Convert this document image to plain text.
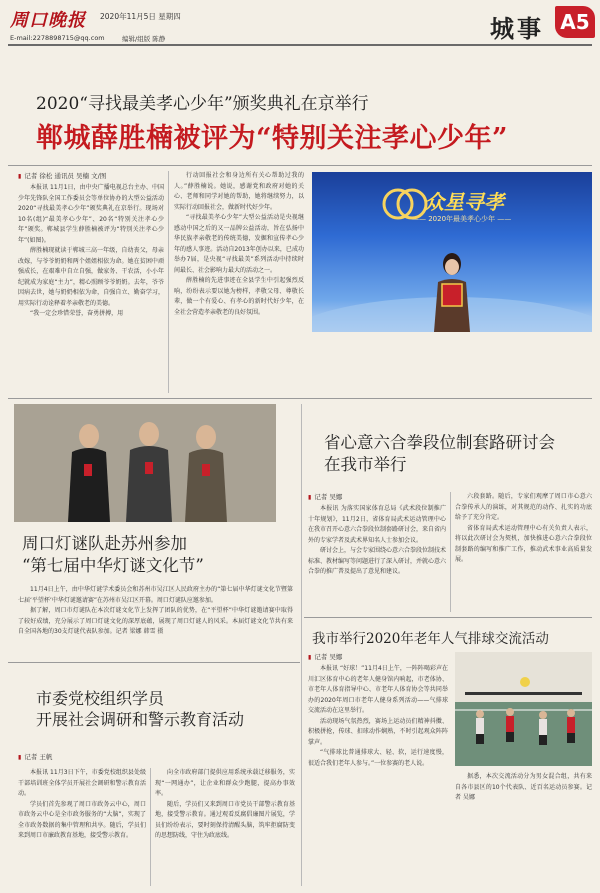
周口晚报 2020年11月5日 星期四
E-mail:2278898715@qq.com	编辑/组版 陈静	城事 A5
2020“寻找最美孝心少年”颁奖典礼在京举行
郸城薛胜楠被评为“特别关注孝心少年”
▮ 记者 徐松 通讯员 吴楠 文/图

本报讯 11月1日，由中央广播电视总台主办、中国少年先锋队全国工作委员会等单位协办的大型公益活动2020“寻找最美孝心少年”颁奖典礼在京举行。现场对10名(组)“最美孝心少年”、20名“特别关注孝心少年”颁奖。郸城县学生薛胜楠被评为“特别关注孝心少年”(如图)。

薛胜楠现就读于郸城三高一年级，自幼丧父，母亲改嫁，与爷爷奶奶和两个姐姐相依为命。她在贫困中顽强成长，在艰难中自立自强，做家务、干农活，小小年纪就成为家庭“主力”，精心照顾爷爷奶奶。去年，爷爷因病去世，她与奶奶相依为命，自强自立、勤奋学习，用实际行动诠释着孝亲敬老的美德。

“我一定会珍惜荣誉，奋勇拼搏，用

行动回报社会和身边所有关心帮助过我的人。”薛胜楠说。她说，感谢党和政府对她的关心、老师和同学对她的帮助，她将继续努力，以实际行动回报社会，做新时代好少年。

“寻找最美孝心少年”大型公益活动是央视继感动中国之后的又一品牌公益活动，旨在弘扬中华民族孝亲敬老的传统美德，发掘和宣传孝心少年的感人事迹。活动自2013年创办以来，已成功举办7届，是央视“寻找最美”系列活动中持续时间最长、社会影响力最大的活动之一。

薛胜楠的先进事迹在全县学生中引起强烈反响，纷纷表示要以她为榜样，孝敬父母、尊敬长辈，做一个有爱心、有孝心的新时代好少年，在全社会营造孝亲敬老的良好氛围。

众星寻孝
—— 2020年最美孝心少年 ——
周口灯谜队赴苏州参加
“第七届中华灯谜文化节”

11月4日上午，由中华灯谜学术委员会和苏州市吴江区人民政府主办的“第七届中华灯谜文化节暨第七届‘平望杯’中华灯谜邀请赛”在苏州市吴江区开幕。周口灯谜队应邀参加。

据了解，周口市灯谜队在本次灯谜文化节上发挥了团队的优势，在“平望杯”中华灯谜邀请赛中取得了较好成绩，充分展示了周口灯谜文化的深厚底蕴，展现了周口灯谜人的风采。本届灯谜文化节共有来自全国各地的30支灯谜代表队参加。记者 梁娜 韩雪 摄

市委党校组织学员
开展社会调研和警示教育活动
▮ 记者 王帆

本报讯 11月3日下午，市委党校组织县处级干部培训班全体学员开展社会调研和警示教育活动。

学员们首先参观了周口市政务云中心，周口市政务云中心是全市政务服务的“大脑”，实现了全市政务数据的集中管理和共享。随后，学员们来到周口市廉政教育基地，接受警示教育。

向全市政府部门提供应用系统承载迁移服务，实现“一网通办”，让企业和群众少跑腿，提高办事效率。

随后，学员们又来到周口市党员干部警示教育基地，接受警示教育。通过观看反腐倡廉图片展览，学员们纷纷表示，要时刻保持清醒头脑，筑牢拒腐防变的思想防线，守住为政底线。

省心意六合拳段位制套路研讨会
在我市举行
▮ 记者 吴娜

本报讯 为落实国家体育总局《武术段位制推广十年规划》，11月2日，省体育局武术运动管理中心在我市召开心意六合拳段位制套路研讨会，来自省内外的专家学者及武术界知名人士参加会议。

研讨会上，与会专家围绕心意六合拳段位制技术标准、教材编写等问题进行了深入研讨，并就心意六合拳的推广普及提出了意见和建议。

六段套路。随后，专家们观摩了周口市心意六合拳传承人的演练，对其规范的动作、扎实的功底给予了充分肯定。

省体育局武术运动管理中心有关负责人表示，将以此次研讨会为契机，加快推进心意六合拳段位制套路的编写和推广工作，推动武术事业高质量发展。

我市举行2020年老年人气排球交流活动
▮ 记者 吴娜

本报讯 “好球！”11月4日上午，一阵阵喝彩声在川汇区体育中心的老年人健身馆内响起，市老体协、市老年人体育指导中心、市老年人体育协会等共同举办的2020年周口市老年人健身系列活动——气排球交流活动在这里举行。

活动现场气氛热烈，赛场上运动员们精神抖擞、积极拼抢，传球、扣球动作娴熟，不时引起观众阵阵掌声。

“气排球比普通排球大、轻、软，运行速度慢，很适合我们老年人参与。”一位参赛的老人说。

据悉，本次交流活动分为男女混合组，共有来自各市县区的10个代表队、近百名运动员参赛。记者 吴娜
